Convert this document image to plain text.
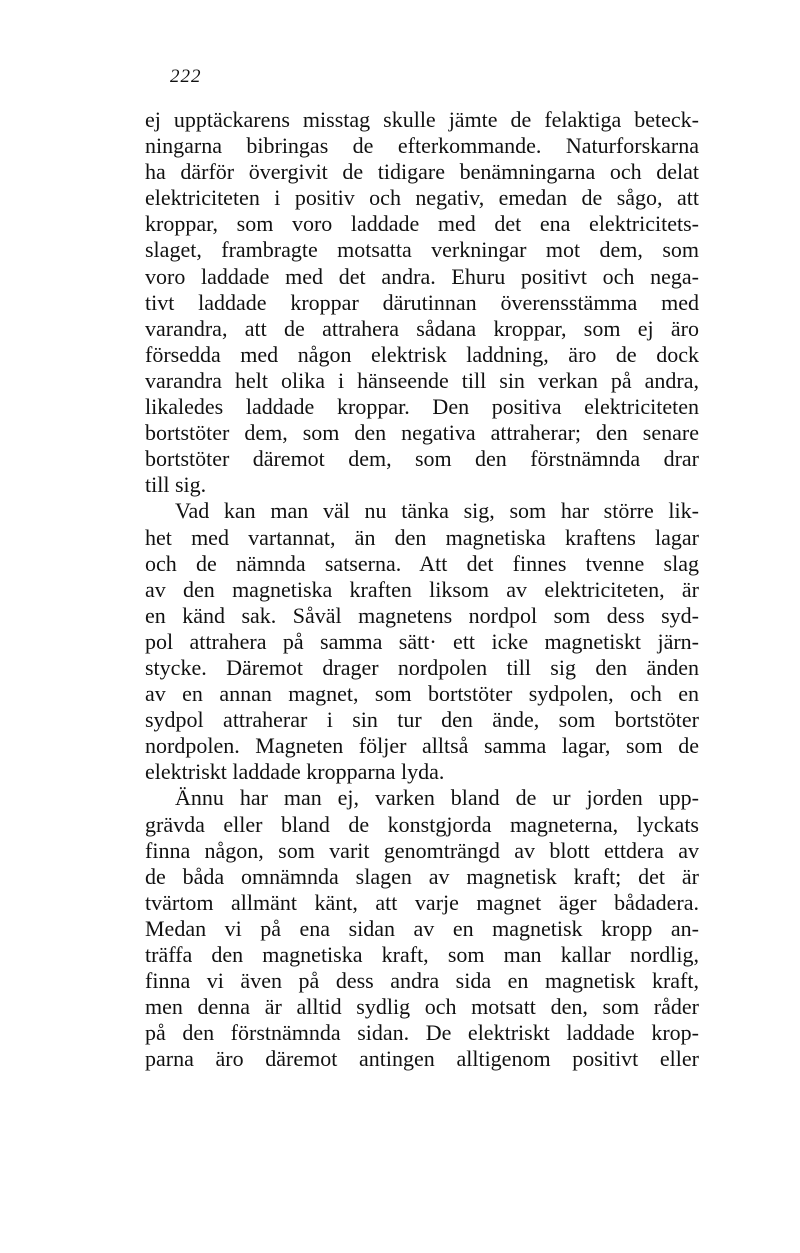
222
ej upptäckarens misstag skulle jämte de felaktiga beteck-
ningarna bibringas de efterkommande. Naturforskarna
ha därför övergivit de tidigare benämningarna och delat
elektriciteten i positiv och negativ, emedan de sågo, att
kroppar, som voro laddade med det ena elektricitets-
slaget, frambragte motsatta verkningar mot dem, som
voro laddade med det andra. Ehuru positivt och nega-
tivt laddade kroppar därutinnan överensstämma med
varandra, att de attrahera sådana kroppar, som ej äro
försedda med någon elektrisk laddning, äro de dock
varandra helt olika i hänseende till sin verkan på andra,
likaledes laddade kroppar. Den positiva elektriciteten
bortstöter dem, som den negativa attraherar; den senare
bortstöter däremot dem, som den förstnämnda drar
till sig.
Vad kan man väl nu tänka sig, som har större lik-
het med vartannat, än den magnetiska kraftens lagar
och de nämnda satserna. Att det finnes tvenne slag
av den magnetiska kraften liksom av elektriciteten, är
en känd sak. Såväl magnetens nordpol som dess syd-
pol attrahera på samma sätt· ett icke magnetiskt järn-
stycke. Däremot drager nordpolen till sig den änden
av en annan magnet, som bortstöter sydpolen, och en
sydpol attraherar i sin tur den ände, som bortstöter
nordpolen. Magneten följer alltså samma lagar, som de
elektriskt laddade kropparna lyda.
Ännu har man ej, varken bland de ur jorden upp-
grävda eller bland de konstgjorda magneterna, lyckats
finna någon, som varit genomträngd av blott ettdera av
de båda omnämnda slagen av magnetisk kraft; det är
tvärtom allmänt känt, att varje magnet äger bådadera.
Medan vi på ena sidan av en magnetisk kropp an-
träffa den magnetiska kraft, som man kallar nordlig,
finna vi även på dess andra sida en magnetisk kraft,
men denna är alltid sydlig och motsatt den, som råder
på den förstnämnda sidan. De elektriskt laddade krop-
parna äro däremot antingen alltigenom positivt eller
